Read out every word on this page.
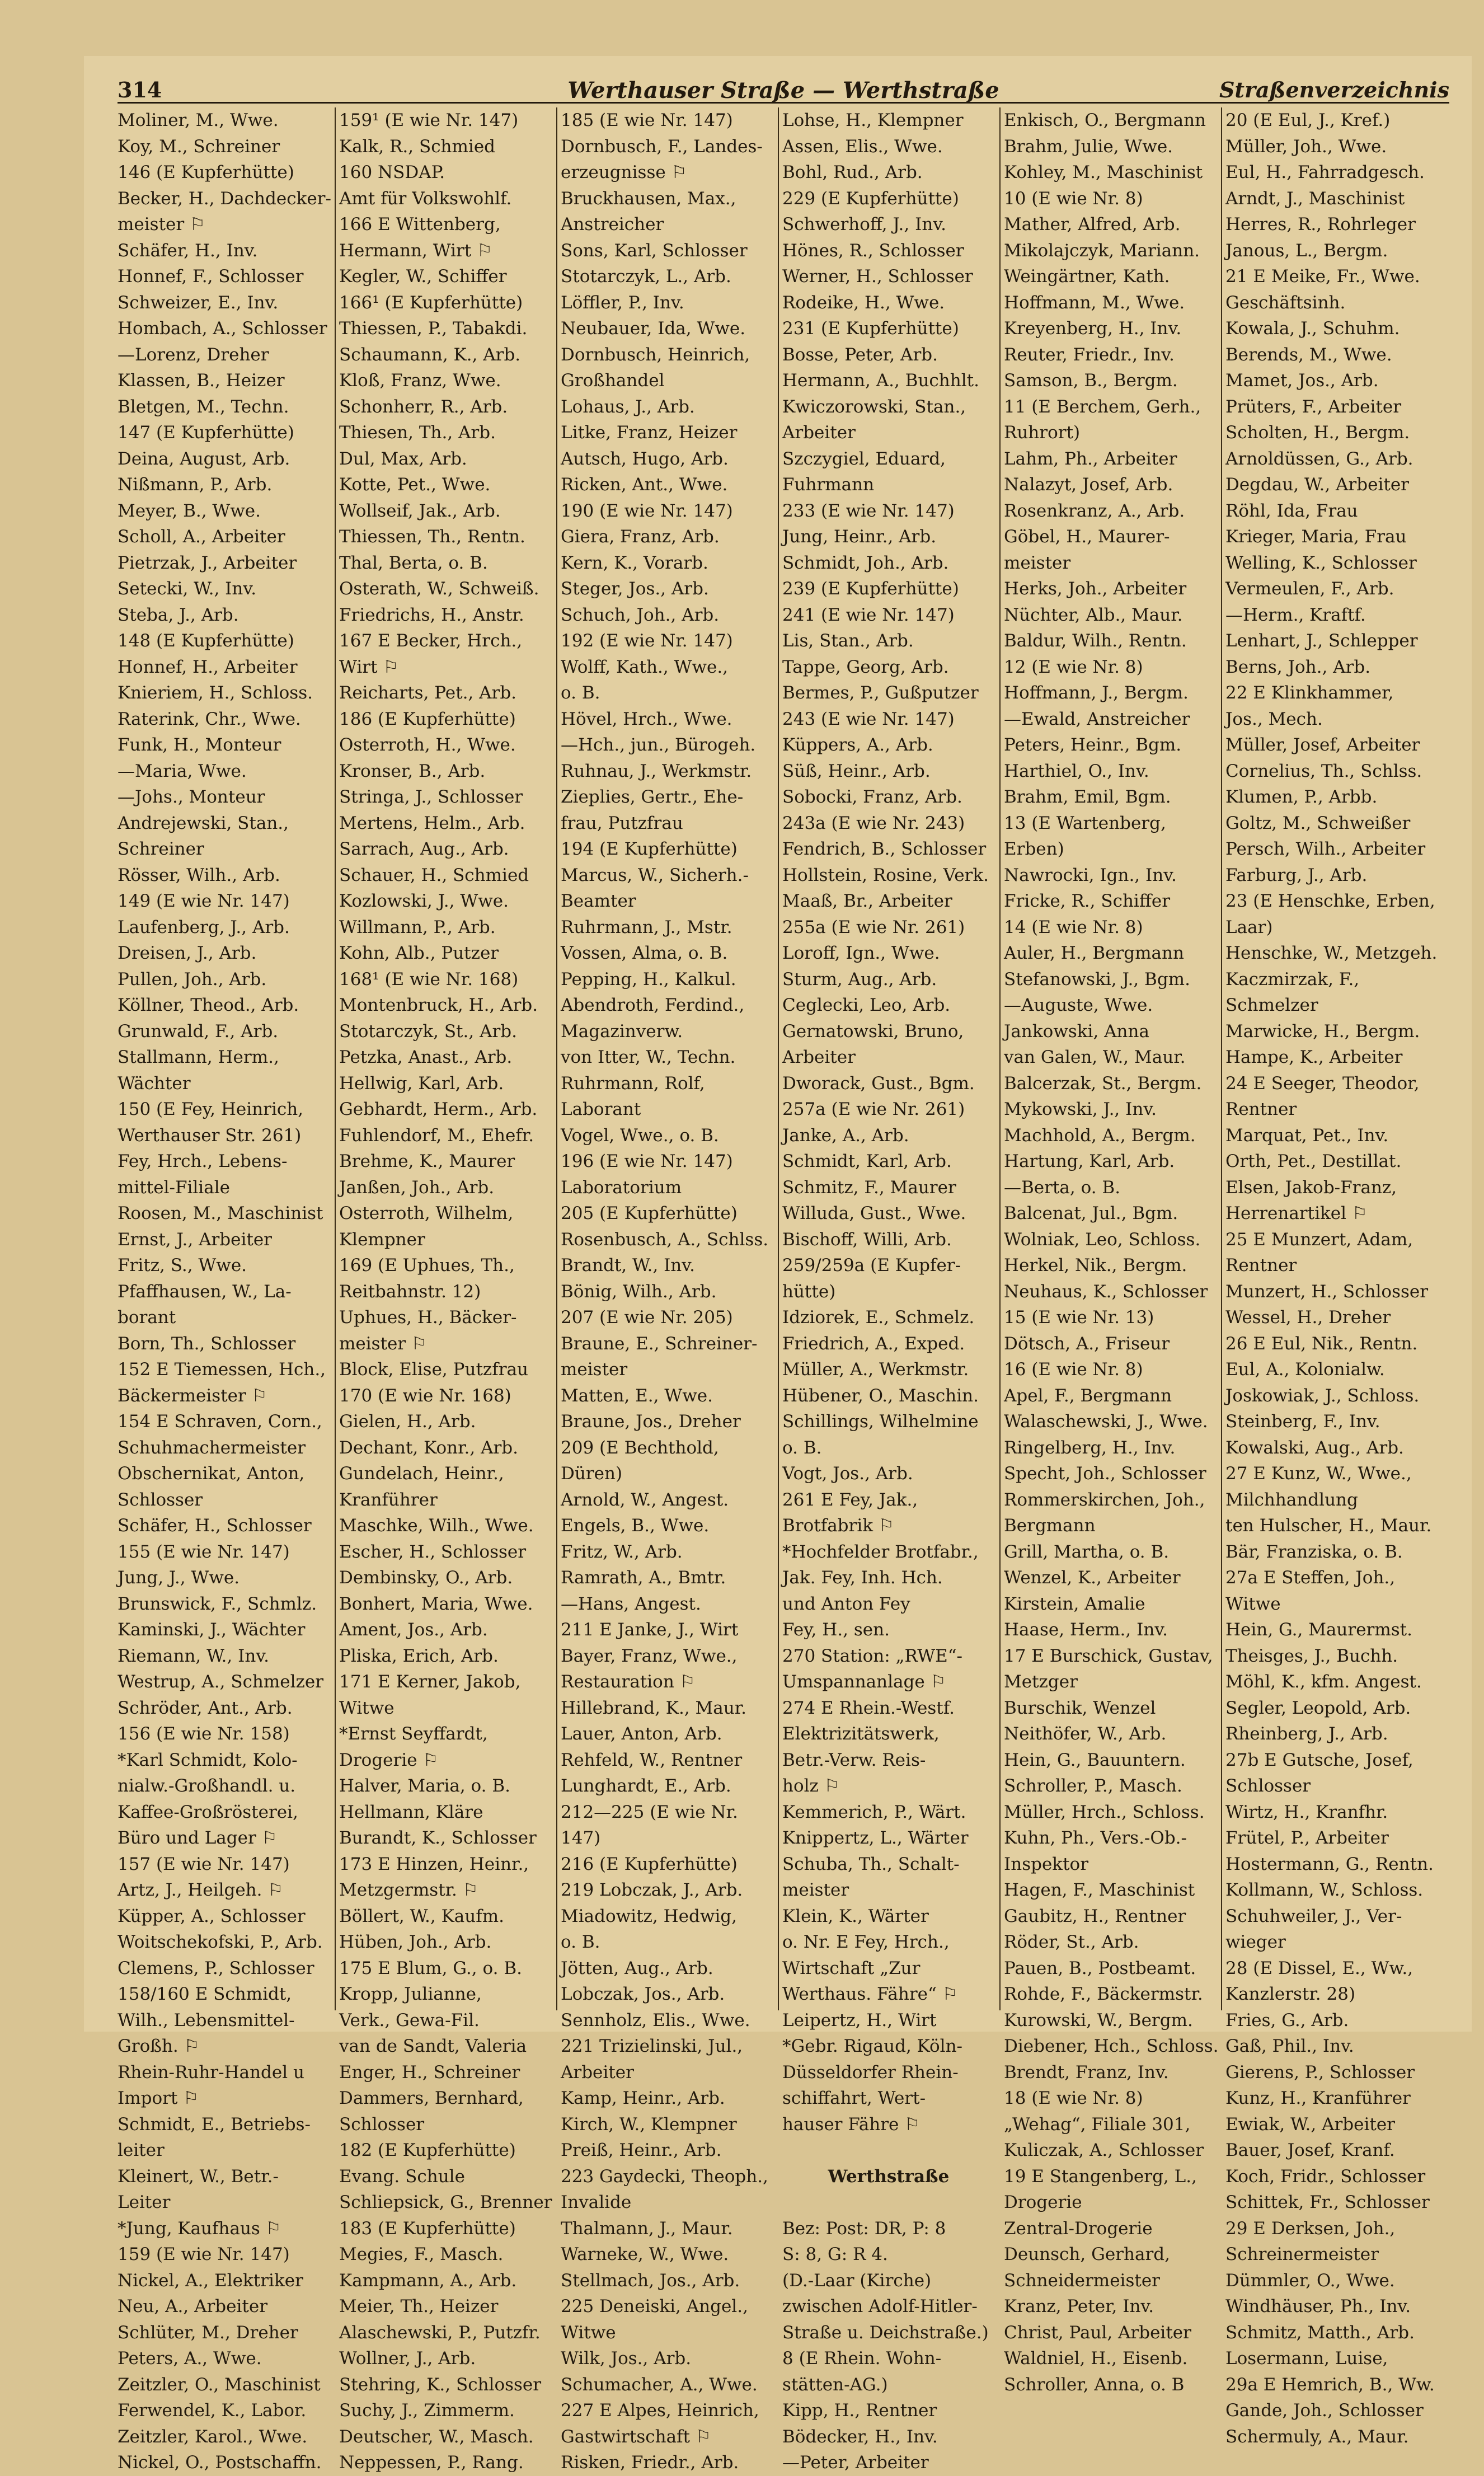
314	Werthauser Straße — Werthstraße	Straßenverzeichnis
Moliner, M., Wwe.
Koy, M., Schreiner
146 (E Kupferhütte)
Becker, H., Dachdecker-
meister ⚐
Schäfer, H., Inv.
Honnef, F., Schlosser
Schweizer, E., Inv.
Hombach, A., Schlosser
—Lorenz, Dreher
Klassen, B., Heizer
Bletgen, M., Techn.
147 (E Kupferhütte)
Deina, August, Arb.
Nißmann, P., Arb.
Meyer, B., Wwe.
Scholl, A., Arbeiter
Pietrzak, J., Arbeiter
Setecki, W., Inv.
Steba, J., Arb.
148 (E Kupferhütte)
Honnef, H., Arbeiter
Knieriem, H., Schloss.
Raterink, Chr., Wwe.
Funk, H., Monteur
—Maria, Wwe.
—Johs., Monteur
Andrejewski, Stan.,
Schreiner
Rösser, Wilh., Arb.
149 (E wie Nr. 147)
Laufenberg, J., Arb.
Dreisen, J., Arb.
Pullen, Joh., Arb.
Köllner, Theod., Arb.
Grunwald, F., Arb.
Stallmann, Herm.,
Wächter
150 (E Fey, Heinrich,
Werthauser Str. 261)
Fey, Hrch., Lebens-
mittel-Filiale
Roosen, M., Maschinist
Ernst, J., Arbeiter
Fritz, S., Wwe.
Pfaffhausen, W., La-
borant
Born, Th., Schlosser
152 E Tiemessen, Hch.,
Bäckermeister ⚐
154 E Schraven, Corn.,
Schuhmachermeister
Obschernikat, Anton,
Schlosser
Schäfer, H., Schlosser
155 (E wie Nr. 147)
Jung, J., Wwe.
Brunswick, F., Schmlz.
Kaminski, J., Wächter
Riemann, W., Inv.
Westrup, A., Schmelzer
Schröder, Ant., Arb.
156 (E wie Nr. 158)
*Karl Schmidt, Kolo-
nialw.-Großhandl. u.
Kaffee-Großrösterei,
Büro und Lager ⚐
157 (E wie Nr. 147)
Artz, J., Heilgeh. ⚐
Küpper, A., Schlosser
Woitschekofski, P., Arb.
Clemens, P., Schlosser
158/160 E Schmidt,
Wilh., Lebensmittel-
Großh. ⚐
Rhein-Ruhr-Handel u
Import ⚐
Schmidt, E., Betriebs-
leiter
Kleinert, W., Betr.-
Leiter
*Jung, Kaufhaus ⚐
159 (E wie Nr. 147)
Nickel, A., Elektriker
Neu, A., Arbeiter
Schlüter, M., Dreher
Peters, A., Wwe.
Zeitzler, O., Maschinist
Ferwendel, K., Labor.
Zeitzler, Karol., Wwe.
Nickel, O., Postschaffn.
159¹ (E wie Nr. 147)
Kalk, R., Schmied
160 NSDAP.
Amt für Volkswohlf.
166 E Wittenberg,
Hermann, Wirt ⚐
Kegler, W., Schiffer
166¹ (E Kupferhütte)
Thiessen, P., Tabakdi.
Schaumann, K., Arb.
Kloß, Franz, Wwe.
Schonherr, R., Arb.
Thiesen, Th., Arb.
Dul, Max, Arb.
Kotte, Pet., Wwe.
Wollseif, Jak., Arb.
Thiessen, Th., Rentn.
Thal, Berta, o. B.
Osterath, W., Schweiß.
Friedrichs, H., Anstr.
167 E Becker, Hrch.,
Wirt ⚐
Reicharts, Pet., Arb.
186 (E Kupferhütte)
Osterroth, H., Wwe.
Kronser, B., Arb.
Stringa, J., Schlosser
Mertens, Helm., Arb.
Sarrach, Aug., Arb.
Schauer, H., Schmied
Kozlowski, J., Wwe.
Willmann, P., Arb.
Kohn, Alb., Putzer
168¹ (E wie Nr. 168)
Montenbruck, H., Arb.
Stotarczyk, St., Arb.
Petzka, Anast., Arb.
Hellwig, Karl, Arb.
Gebhardt, Herm., Arb.
Fuhlendorf, M., Ehefr.
Brehme, K., Maurer
Janßen, Joh., Arb.
Osterroth, Wilhelm,
Klempner
169 (E Uphues, Th.,
Reitbahnstr. 12)
Uphues, H., Bäcker-
meister ⚐
Block, Elise, Putzfrau
170 (E wie Nr. 168)
Gielen, H., Arb.
Dechant, Konr., Arb.
Gundelach, Heinr.,
Kranführer
Maschke, Wilh., Wwe.
Escher, H., Schlosser
Dembinsky, O., Arb.
Bonhert, Maria, Wwe.
Ament, Jos., Arb.
Pliska, Erich, Arb.
171 E Kerner, Jakob,
Witwe
*Ernst Seyffardt,
Drogerie ⚐
Halver, Maria, o. B.
Hellmann, Kläre
Burandt, K., Schlosser
173 E Hinzen, Heinr.,
Metzgermstr. ⚐
Böllert, W., Kaufm.
Hüben, Joh., Arb.
175 E Blum, G., o. B.
Kropp, Julianne,
Verk., Gewa-Fil.
van de Sandt, Valeria
Enger, H., Schreiner
Dammers, Bernhard,
Schlosser
182 (E Kupferhütte)
Evang. Schule
Schliepsick, G., Brenner
183 (E Kupferhütte)
Megies, F., Masch.
Kampmann, A., Arb.
Meier, Th., Heizer
Alaschewski, P., Putzfr.
Wollner, J., Arb.
Stehring, K., Schlosser
Suchy, J., Zimmerm.
Deutscher, W., Masch.
Neppessen, P., Rang.
185 (E wie Nr. 147)
Dornbusch, F., Landes-
erzeugnisse ⚐
Bruckhausen, Max.,
Anstreicher
Sons, Karl, Schlosser
Stotarczyk, L., Arb.
Löffler, P., Inv.
Neubauer, Ida, Wwe.
Dornbusch, Heinrich,
Großhandel
Lohaus, J., Arb.
Litke, Franz, Heizer
Autsch, Hugo, Arb.
Ricken, Ant., Wwe.
190 (E wie Nr. 147)
Giera, Franz, Arb.
Kern, K., Vorarb.
Steger, Jos., Arb.
Schuch, Joh., Arb.
192 (E wie Nr. 147)
Wolff, Kath., Wwe.,
o. B.
Hövel, Hrch., Wwe.
—Hch., jun., Bürogeh.
Ruhnau, J., Werkmstr.
Zieplies, Gertr., Ehe-
frau, Putzfrau
194 (E Kupferhütte)
Marcus, W., Sicherh.-
Beamter
Ruhrmann, J., Mstr.
Vossen, Alma, o. B.
Pepping, H., Kalkul.
Abendroth, Ferdind.,
Magazinverw.
von Itter, W., Techn.
Ruhrmann, Rolf,
Laborant
Vogel, Wwe., o. B.
196 (E wie Nr. 147)
Laboratorium
205 (E Kupferhütte)
Rosenbusch, A., Schlss.
Brandt, W., Inv.
Bönig, Wilh., Arb.
207 (E wie Nr. 205)
Braune, E., Schreiner-
meister
Matten, E., Wwe.
Braune, Jos., Dreher
209 (E Bechthold,
Düren)
Arnold, W., Angest.
Engels, B., Wwe.
Fritz, W., Arb.
Ramrath, A., Bmtr.
—Hans, Angest.
211 E Janke, J., Wirt
Bayer, Franz, Wwe.,
Restauration ⚐
Hillebrand, K., Maur.
Lauer, Anton, Arb.
Rehfeld, W., Rentner
Lunghardt, E., Arb.
212—225 (E wie Nr.
147)
216 (E Kupferhütte)
219 Lobczak, J., Arb.
Miadowitz, Hedwig,
o. B.
Jötten, Aug., Arb.
Lobczak, Jos., Arb.
Sennholz, Elis., Wwe.
221 Trizielinski, Jul.,
Arbeiter
Kamp, Heinr., Arb.
Kirch, W., Klempner
Preiß, Heinr., Arb.
223 Gaydecki, Theoph.,
Invalide
Thalmann, J., Maur.
Warneke, W., Wwe.
Stellmach, Jos., Arb.
225 Deneiski, Angel.,
Witwe
Wilk, Jos., Arb.
Schumacher, A., Wwe.
227 E Alpes, Heinrich,
Gastwirtschaft ⚐
Risken, Friedr., Arb.
Lohse, H., Klempner
Assen, Elis., Wwe.
Bohl, Rud., Arb.
229 (E Kupferhütte)
Schwerhoff, J., Inv.
Hönes, R., Schlosser
Werner, H., Schlosser
Rodeike, H., Wwe.
231 (E Kupferhütte)
Bosse, Peter, Arb.
Hermann, A., Buchhlt.
Kwiczorowski, Stan.,
Arbeiter
Szczygiel, Eduard,
Fuhrmann
233 (E wie Nr. 147)
Jung, Heinr., Arb.
Schmidt, Joh., Arb.
239 (E Kupferhütte)
241 (E wie Nr. 147)
Lis, Stan., Arb.
Tappe, Georg, Arb.
Bermes, P., Gußputzer
243 (E wie Nr. 147)
Küppers, A., Arb.
Süß, Heinr., Arb.
Sobocki, Franz, Arb.
243a (E wie Nr. 243)
Fendrich, B., Schlosser
Hollstein, Rosine, Verk.
Maaß, Br., Arbeiter
255a (E wie Nr. 261)
Loroff, Ign., Wwe.
Sturm, Aug., Arb.
Ceglecki, Leo, Arb.
Gernatowski, Bruno,
Arbeiter
Dworack, Gust., Bgm.
257a (E wie Nr. 261)
Janke, A., Arb.
Schmidt, Karl, Arb.
Schmitz, F., Maurer
Willuda, Gust., Wwe.
Bischoff, Willi, Arb.
259/259a (E Kupfer-
hütte)
Idziorek, E., Schmelz.
Friedrich, A., Exped.
Müller, A., Werkmstr.
Hübener, O., Maschin.
Schillings, Wilhelmine
o. B.
Vogt, Jos., Arb.
261 E Fey, Jak.,
Brotfabrik ⚐
*Hochfelder Brotfabr.,
Jak. Fey, Inh. Hch.
und Anton Fey
Fey, H., sen.
270 Station: „RWE“-
Umspannanlage ⚐
274 E Rhein.-Westf.
Elektrizitätswerk,
Betr.-Verw. Reis-
holz ⚐
Kemmerich, P., Wärt.
Knippertz, L., Wärter
Schuba, Th., Schalt-
meister
Klein, K., Wärter
o. Nr. E Fey, Hrch.,
Wirtschaft „Zur
Werthaus. Fähre“ ⚐
Leipertz, H., Wirt
*Gebr. Rigaud, Köln-
Düsseldorfer Rhein-
schiffahrt, Wert-
hauser Fähre ⚐

Werthstraße

Bez: Post: DR, P: 8
S: 8, G: R 4.
(D.-Laar (Kirche)
zwischen Adolf-Hitler-
Straße u. Deichstraße.)
8 (E Rhein. Wohn-
stätten-AG.)
Kipp, H., Rentner
Bödecker, H., Inv.
—Peter, Arbeiter
Enkisch, O., Bergmann
Brahm, Julie, Wwe.
Kohley, M., Maschinist
10 (E wie Nr. 8)
Mather, Alfred, Arb.
Mikolajczyk, Mariann.
Weingärtner, Kath.
Hoffmann, M., Wwe.
Kreyenberg, H., Inv.
Reuter, Friedr., Inv.
Samson, B., Bergm.
11 (E Berchem, Gerh.,
Ruhrort)
Lahm, Ph., Arbeiter
Nalazyt, Josef, Arb.
Rosenkranz, A., Arb.
Göbel, H., Maurer-
meister
Herks, Joh., Arbeiter
Nüchter, Alb., Maur.
Baldur, Wilh., Rentn.
12 (E wie Nr. 8)
Hoffmann, J., Bergm.
—Ewald, Anstreicher
Peters, Heinr., Bgm.
Harthiel, O., Inv.
Brahm, Emil, Bgm.
13 (E Wartenberg,
Erben)
Nawrocki, Ign., Inv.
Fricke, R., Schiffer
14 (E wie Nr. 8)
Auler, H., Bergmann
Stefanowski, J., Bgm.
—Auguste, Wwe.
Jankowski, Anna
van Galen, W., Maur.
Balcerzak, St., Bergm.
Mykowski, J., Inv.
Machhold, A., Bergm.
Hartung, Karl, Arb.
—Berta, o. B.
Balcenat, Jul., Bgm.
Wolniak, Leo, Schloss.
Herkel, Nik., Bergm.
Neuhaus, K., Schlosser
15 (E wie Nr. 13)
Dötsch, A., Friseur
16 (E wie Nr. 8)
Apel, F., Bergmann
Walaschewski, J., Wwe.
Ringelberg, H., Inv.
Specht, Joh., Schlosser
Rommerskirchen, Joh.,
Bergmann
Grill, Martha, o. B.
Wenzel, K., Arbeiter
Kirstein, Amalie
Haase, Herm., Inv.
17 E Burschick, Gustav,
Metzger
Burschik, Wenzel
Neithöfer, W., Arb.
Hein, G., Bauuntern.
Schroller, P., Masch.
Müller, Hrch., Schloss.
Kuhn, Ph., Vers.-Ob.-
Inspektor
Hagen, F., Maschinist
Gaubitz, H., Rentner
Röder, St., Arb.
Pauen, B., Postbeamt.
Rohde, F., Bäckermstr.
Kurowski, W., Bergm.
Diebener, Hch., Schloss.
Brendt, Franz, Inv.
18 (E wie Nr. 8)
„Wehag“, Filiale 301,
Kuliczak, A., Schlosser
19 E Stangenberg, L.,
Drogerie
Zentral-Drogerie
Deunsch, Gerhard,
Schneidermeister
Kranz, Peter, Inv.
Christ, Paul, Arbeiter
Waldniel, H., Eisenb.
Schroller, Anna, o. B
20 (E Eul, J., Kref.)
Müller, Joh., Wwe.
Eul, H., Fahrradgesch.
Arndt, J., Maschinist
Herres, R., Rohrleger
Janous, L., Bergm.
21 E Meike, Fr., Wwe.
Geschäftsinh.
Kowala, J., Schuhm.
Berends, M., Wwe.
Mamet, Jos., Arb.
Prüters, F., Arbeiter
Scholten, H., Bergm.
Arnoldüssen, G., Arb.
Degdau, W., Arbeiter
Röhl, Ida, Frau
Krieger, Maria, Frau
Welling, K., Schlosser
Vermeulen, F., Arb.
—Herm., Kraftf.
Lenhart, J., Schlepper
Berns, Joh., Arb.
22 E Klinkhammer,
Jos., Mech.
Müller, Josef, Arbeiter
Cornelius, Th., Schlss.
Klumen, P., Arbb.
Goltz, M., Schweißer
Persch, Wilh., Arbeiter
Farburg, J., Arb.
23 (E Henschke, Erben,
Laar)
Henschke, W., Metzgeh.
Kaczmirzak, F.,
Schmelzer
Marwicke, H., Bergm.
Hampe, K., Arbeiter
24 E Seeger, Theodor,
Rentner
Marquat, Pet., Inv.
Orth, Pet., Destillat.
Elsen, Jakob-Franz,
Herrenartikel ⚐
25 E Munzert, Adam,
Rentner
Munzert, H., Schlosser
Wessel, H., Dreher
26 E Eul, Nik., Rentn.
Eul, A., Kolonialw.
Joskowiak, J., Schloss.
Steinberg, F., Inv.
Kowalski, Aug., Arb.
27 E Kunz, W., Wwe.,
Milchhandlung
ten Hulscher, H., Maur.
Bär, Franziska, o. B.
27a E Steffen, Joh.,
Witwe
Hein, G., Maurermst.
Theisges, J., Buchh.
Möhl, K., kfm. Angest.
Segler, Leopold, Arb.
Rheinberg, J., Arb.
27b E Gutsche, Josef,
Schlosser
Wirtz, H., Kranfhr.
Frütel, P., Arbeiter
Hostermann, G., Rentn.
Kollmann, W., Schloss.
Schuhweiler, J., Ver-
wieger
28 (E Dissel, E., Ww.,
Kanzlerstr. 28)
Fries, G., Arb.
Gaß, Phil., Inv.
Gierens, P., Schlosser
Kunz, H., Kranführer
Ewiak, W., Arbeiter
Bauer, Josef, Kranf.
Koch, Fridr., Schlosser
Schittek, Fr., Schlosser
29 E Derksen, Joh.,
Schreinermeister
Dümmler, O., Wwe.
Windhäuser, Ph., Inv.
Schmitz, Matth., Arb.
Losermann, Luise,
29a E Hemrich, B., Ww.
Gande, Joh., Schlosser
Schermuly, A., Maur.
